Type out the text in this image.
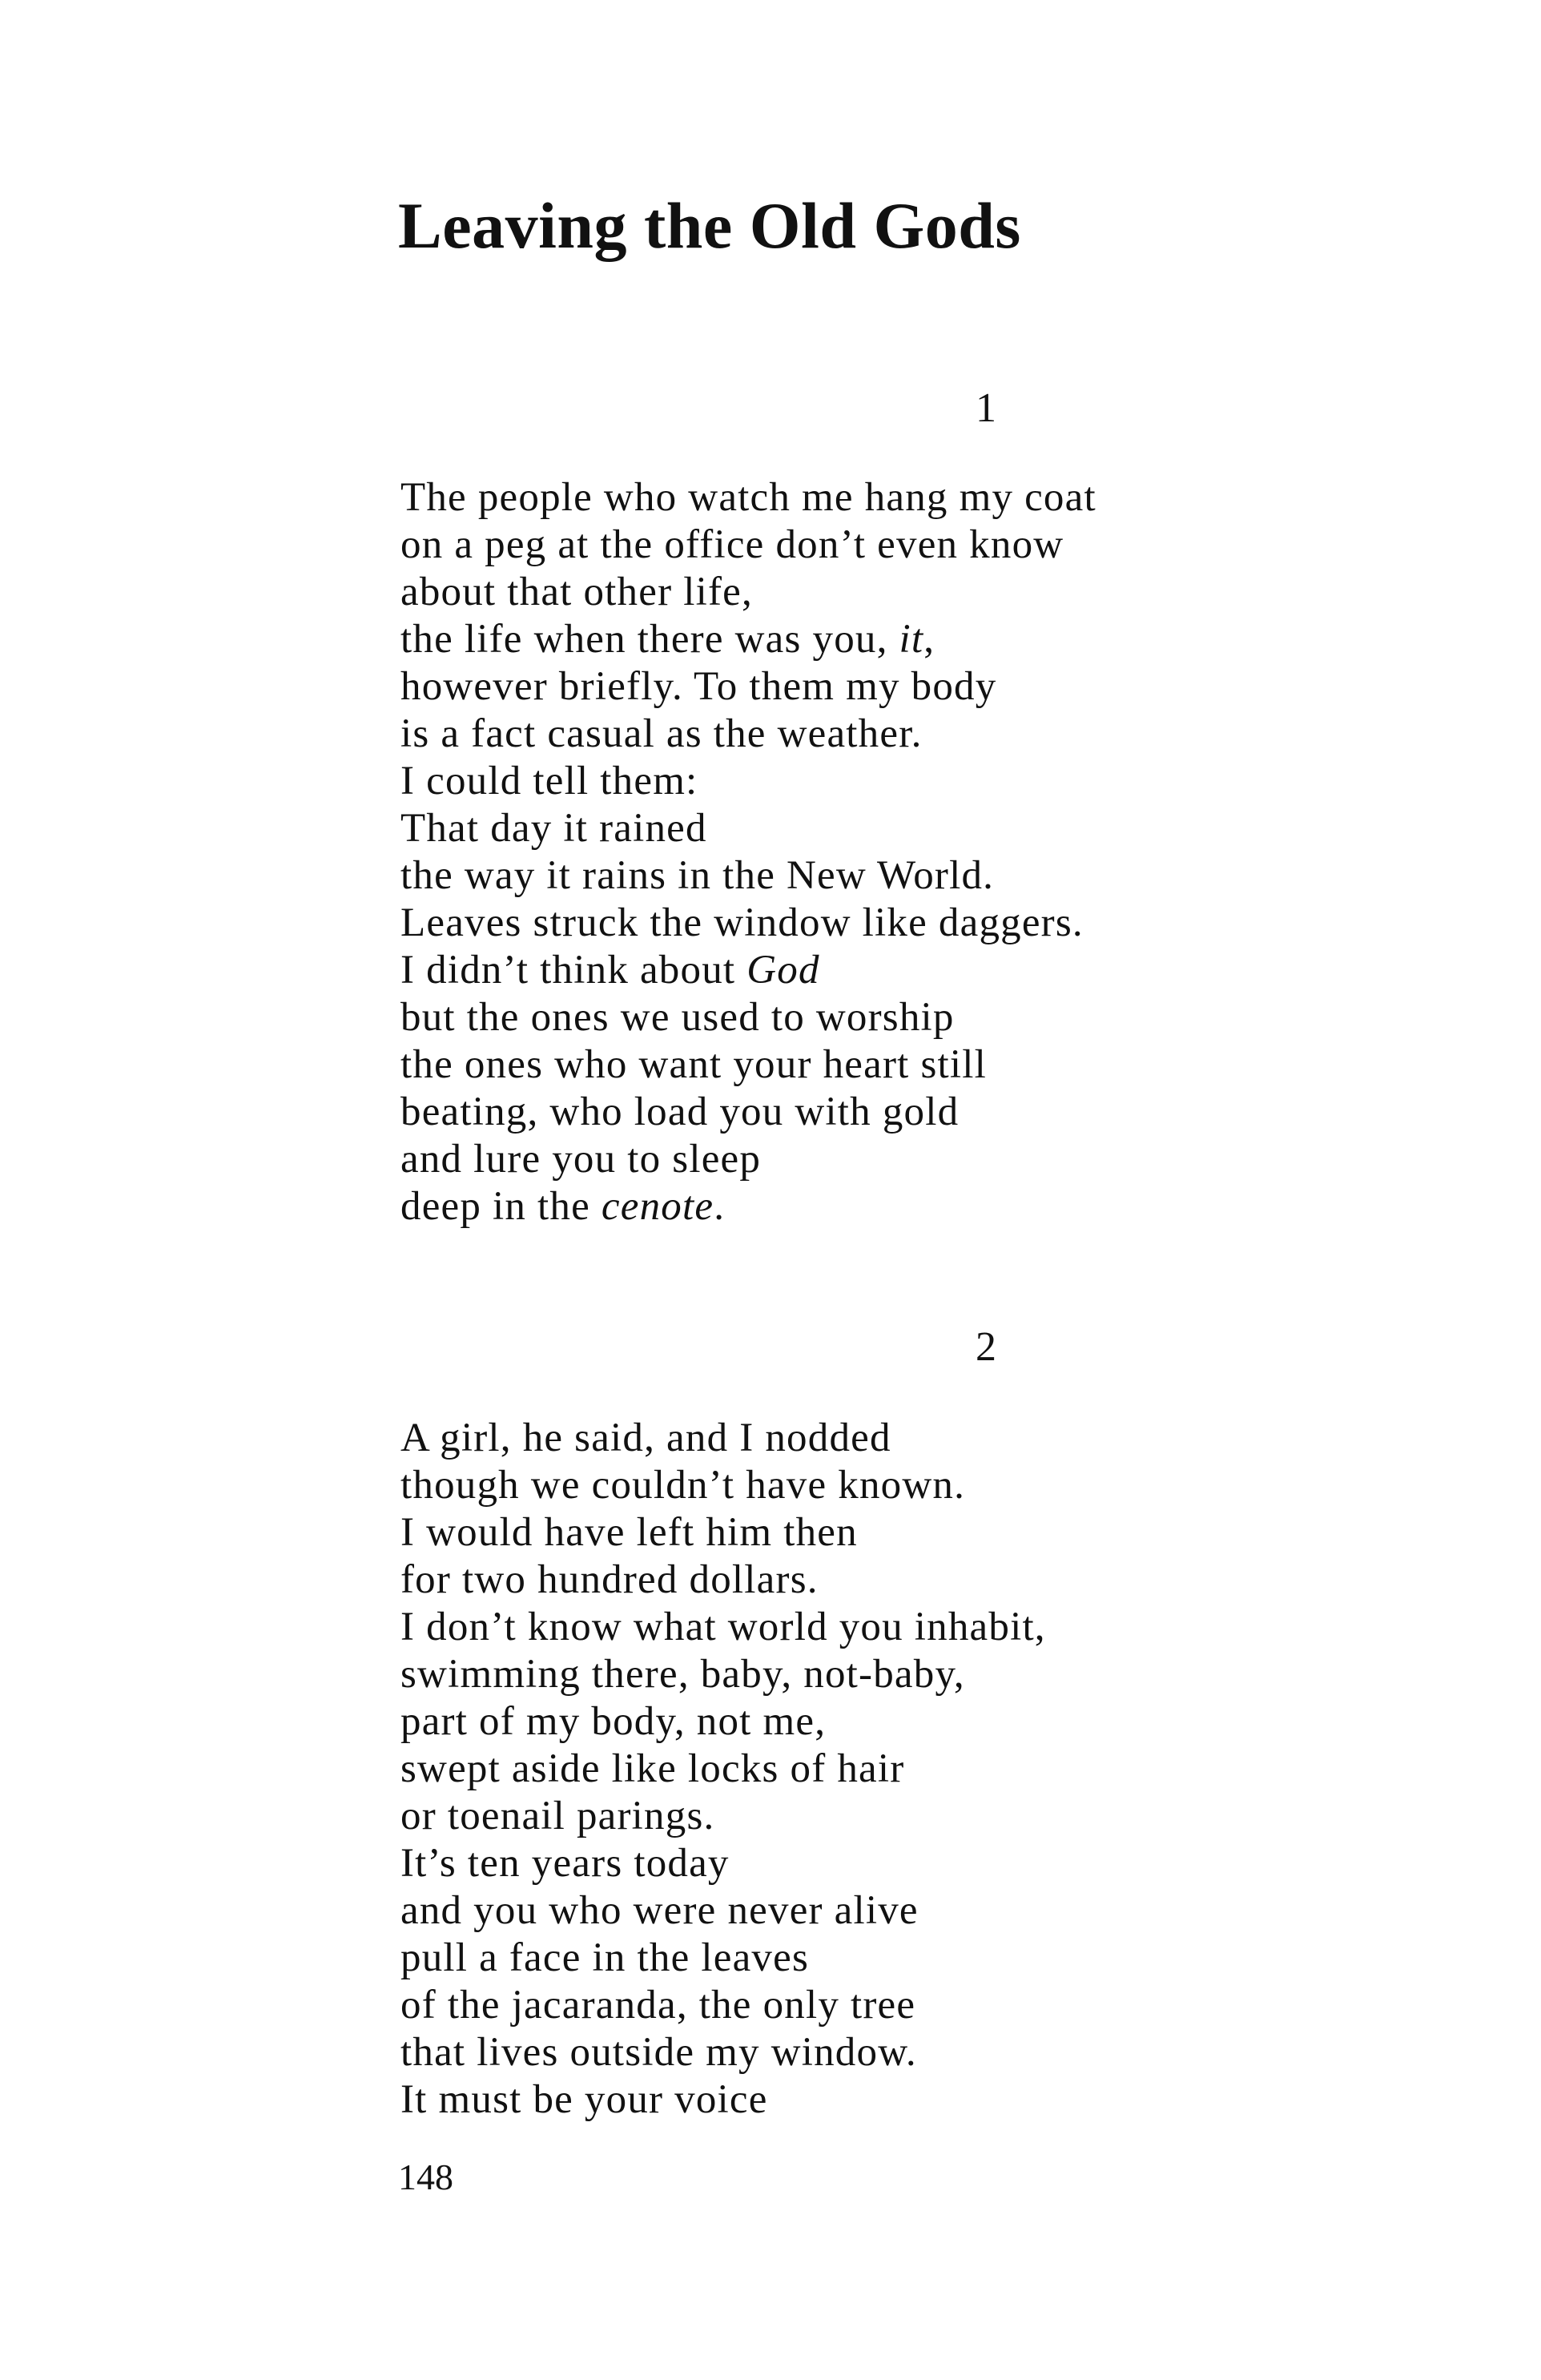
Leaving the Old Gods
1
The people who watch me hang my coat
on a peg at the office don’t even know
about that other life,
the life when there was you, it,
however briefly. To them my body
is a fact casual as the weather.
I could tell them:
That day it rained
the way it rains in the New World.
Leaves struck the window like daggers.
I didn’t think about God
but the ones we used to worship
the ones who want your heart still
beating, who load you with gold
and lure you to sleep
deep in the cenote.
2
A girl, he said, and I nodded
though we couldn’t have known.
I would have left him then
for two hundred dollars.
I don’t know what world you inhabit,
swimming there, baby, not-baby,
part of my body, not me,
swept aside like locks of hair
or toenail parings.
It’s ten years today
and you who were never alive
pull a face in the leaves
of the jacaranda, the only tree
that lives outside my window.
It must be your voice
148
